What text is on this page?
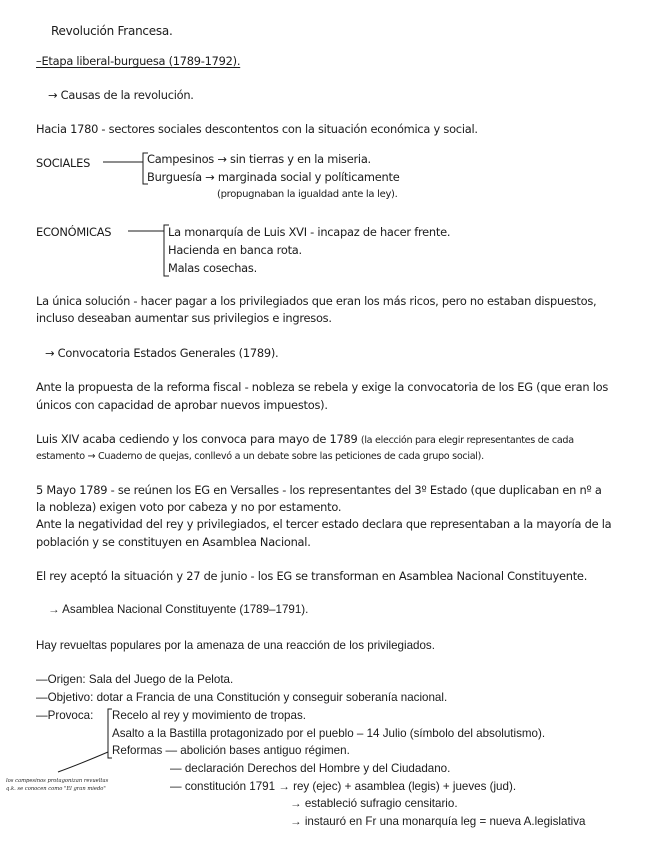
Revolución Francesa.
–Etapa liberal-burguesa (1789-1792).
→ Causas de la revolución.
Hacia 1780 - sectores sociales descontentos con la situación económica y social.
SOCIALES	Campesinos → sin tierras y en la miseria.
Burguesía → marginada social y políticamente
(propugnaban la igualdad ante la ley).
ECONÓMICAS	La monarquía de Luis XVI - incapaz de hacer frente.
Hacienda en banca rota.
Malas cosechas.
La única solución - hacer pagar a los privilegiados que eran los más ricos, pero no estaban dispuestos,
incluso deseaban aumentar sus privilegios e ingresos.
→ Convocatoria Estados Generales (1789).
Ante la propuesta de la reforma fiscal - nobleza se rebela y exige la convocatoria de los EG (que eran los
únicos con capacidad de aprobar nuevos impuestos).
Luis XIV acaba cediendo y los convoca para mayo de 1789 (la elección para elegir representantes de cada
estamento → Cuaderno de quejas, conllevó a un debate sobre las peticiones de cada grupo social).
5 Mayo 1789 - se reúnen los EG en Versalles - los representantes del 3º Estado (que duplicaban en nº a
la nobleza) exigen voto por cabeza y no por estamento.
Ante la negatividad del rey y privilegiados, el tercer estado declara que representaban a la mayoría de la
población y se constituyen en Asamblea Nacional.
El rey aceptó la situación y 27 de junio - los EG se transforman en Asamblea Nacional Constituyente.
→ Asamblea Nacional Constituyente (1789–1791).
Hay revueltas populares por la amenaza de una reacción de los privilegiados.
—Origen: Sala del Juego de la Pelota.
—Objetivo: dotar a Francia de una Constitución y conseguir soberanía nacional.
—Provoca: Recelo al rey y movimiento de tropas.
Asalto a la Bastilla protagonizado por el pueblo – 14 Julio (símbolo del absolutismo).
Reformas — abolición bases antiguo régimen.
— declaración Derechos del Hombre y del Ciudadano.
— constitución 1791 → rey (ejec) + asamblea (legis) + jueves (jud).
→ estableció sufragio censitario.
→ instauró en Fr una monarquía leg = nueva A.legislativa
los campesinos protagonizan revueltas
q.k. se conocen como "El gran miedo"
